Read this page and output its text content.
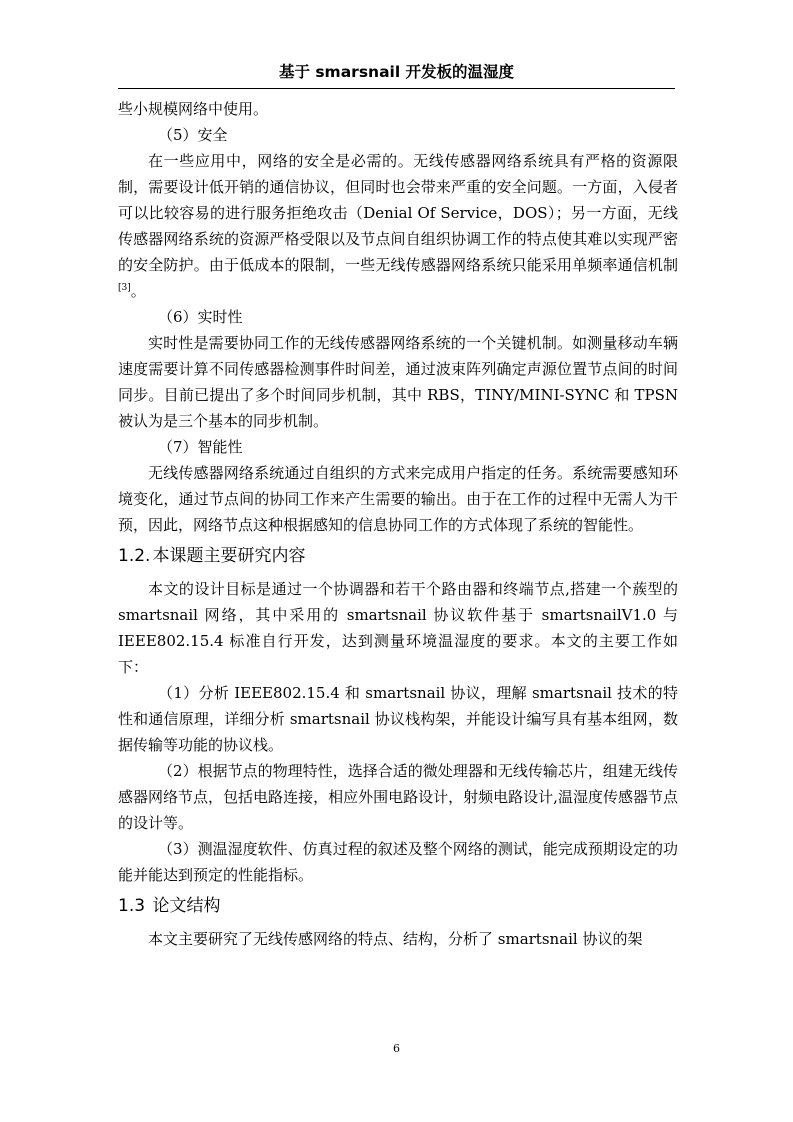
基于 smarsnail 开发板的温湿度

些小规模网络中使用。

（5）安全

在一些应用中，网络的安全是必需的。无线传感器网络系统具有严格的资源限制，需要设计低开销的通信协议，但同时也会带来严重的安全问题。一方面，入侵者可以比较容易的进行服务拒绝攻击（Denial Of Service，DOS）；另一方面，无线传感器网络系统的资源严格受限以及节点间自组织协调工作的特点使其难以实现严密的安全防护。由于低成本的限制，一些无线传感器网络系统只能采用单频率通信机制[3]。

（6）实时性

实时性是需要协同工作的无线传感器网络系统的一个关键机制。如测量移动车辆速度需要计算不同传感器检测事件时间差，通过波束阵列确定声源位置节点间的时间同步。目前已提出了多个时间同步机制，其中 RBS，TINY/MINI-SYNC 和 TPSN 被认为是三个基本的同步机制。

（7）智能性

无线传感器网络系统通过自组织的方式来完成用户指定的任务。系统需要感知环境变化，通过节点间的协同工作来产生需要的输出。由于在工作的过程中无需人为干预，因此，网络节点这种根据感知的信息协同工作的方式体现了系统的智能性。

1.2. 本课题主要研究内容

本文的设计目标是通过一个协调器和若干个路由器和终端节点,搭建一个蔟型的 smartsnail 网络，其中采用的 smartsnail 协议软件基于 smartsnailV1.0 与 IEEE802.15.4 标准自行开发，达到测量环境温湿度的要求。本文的主要工作如下：

（1）分析 IEEE802.15.4 和 smartsnail 协议，理解 smartsnail 技术的特性和通信原理，详细分析 smartsnail 协议栈构架，并能设计编写具有基本组网，数据传输等功能的协议栈。

（2）根据节点的物理特性，选择合适的微处理器和无线传输芯片，组建无线传感器网络节点，包括电路连接，相应外围电路设计，射频电路设计,温湿度传感器节点的设计等。

（3）测温湿度软件、仿真过程的叙述及整个网络的测试，能完成预期设定的功能并能达到预定的性能指标。

1.3 论文结构

本文主要研究了无线传感网络的特点、结构，分析了 smartsnail 协议的架

6
